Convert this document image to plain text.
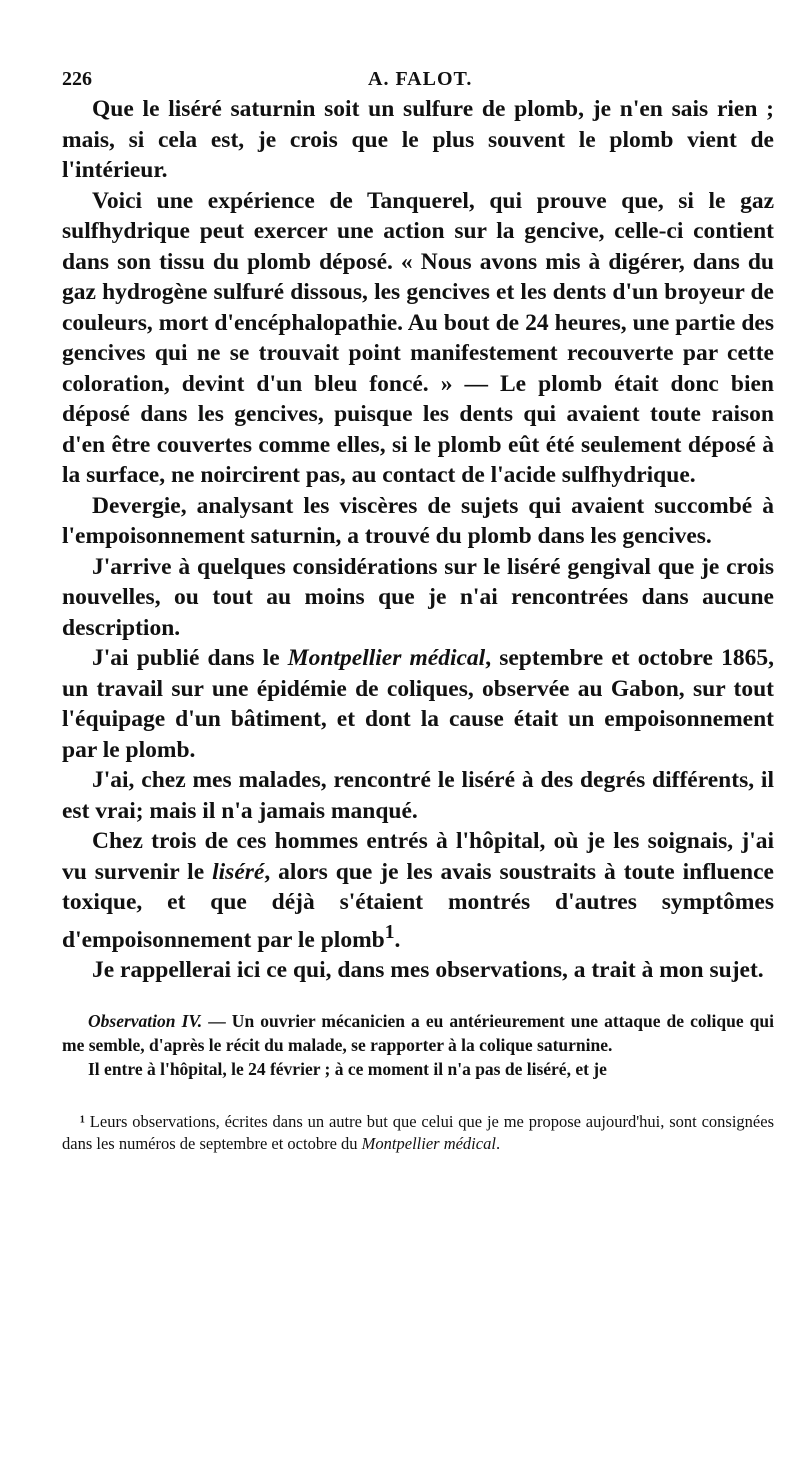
226	A. FALOT.

Que le liséré saturnin soit un sulfure de plomb, je n'en sais rien ; mais, si cela est, je crois que le plus souvent le plomb vient de l'intérieur.

Voici une expérience de Tanquerel, qui prouve que, si le gaz sulfhydrique peut exercer une action sur la gencive, celle-ci contient dans son tissu du plomb déposé. « Nous avons mis à digérer, dans du gaz hydrogène sulfuré dissous, les gencives et les dents d'un broyeur de couleurs, mort d'encéphalopathie. Au bout de 24 heures, une partie des gencives qui ne se trouvait point manifestement recouverte par cette coloration, devint d'un bleu foncé. » — Le plomb était donc bien déposé dans les gencives, puisque les dents qui avaient toute raison d'en être couvertes comme elles, si le plomb eût été seulement déposé à la surface, ne noircirent pas, au contact de l'acide sulfhydrique.

Devergie, analysant les viscères de sujets qui avaient succombé à l'empoisonnement saturnin, a trouvé du plomb dans les gencives.

J'arrive à quelques considérations sur le liséré gengival que je crois nouvelles, ou tout au moins que je n'ai rencontrées dans aucune description.

J'ai publié dans le Montpellier médical, septembre et octobre 1865, un travail sur une épidémie de coliques, observée au Gabon, sur tout l'équipage d'un bâtiment, et dont la cause était un empoisonnement par le plomb.

J'ai, chez mes malades, rencontré le liséré à des degrés différents, il est vrai; mais il n'a jamais manqué.

Chez trois de ces hommes entrés à l'hôpital, où je les soignais, j'ai vu survenir le liséré, alors que je les avais soustraits à toute influence toxique, et que déjà s'étaient montrés d'autres symptômes d'empoisonnement par le plomb$^1$.

Je rappellerai ici ce qui, dans mes observations, a trait à mon sujet.

Observation IV. — Un ouvrier mécanicien a eu antérieurement une attaque de colique qui me semble, d'après le récit du malade, se rapporter à la colique saturnine.

Il entre à l'hôpital, le 24 février ; à ce moment il n'a pas de liséré, et je

¹ Leurs observations, écrites dans un autre but que celui que je me propose aujourd'hui, sont consignées dans les numéros de septembre et octobre du Montpellier médical.
